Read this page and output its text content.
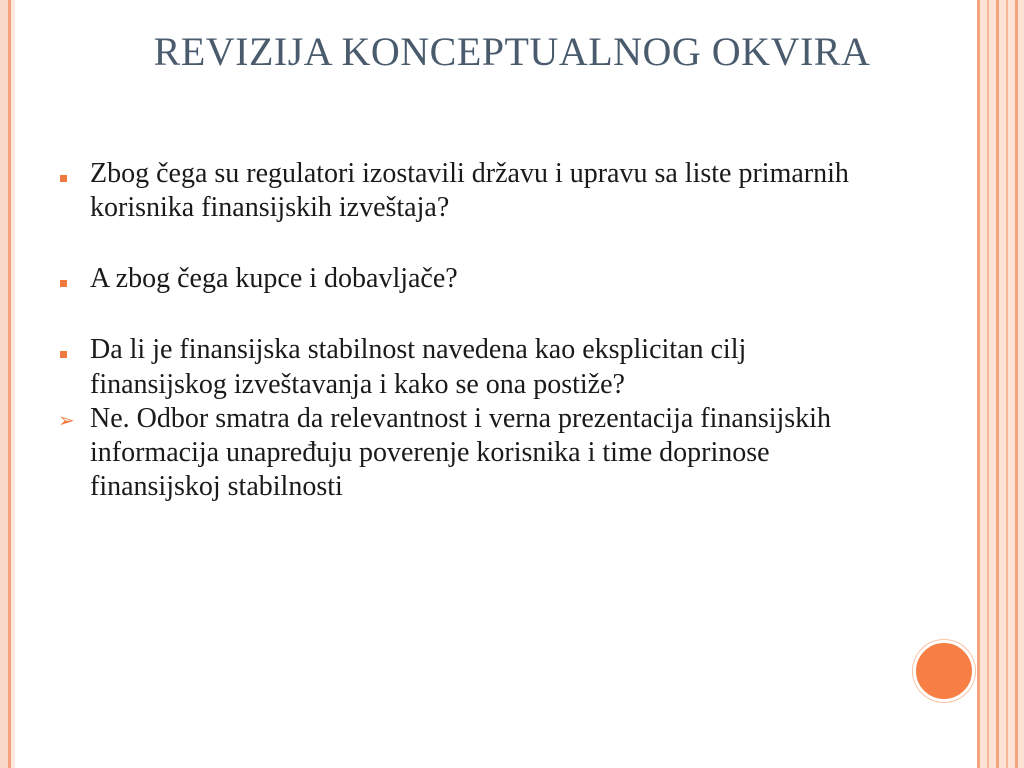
REVIZIJA KONCEPTUALNOG OKVIRA
Zbog čega su regulatori izostavili državu i upravu sa liste primarnih korisnika finansijskih izveštaja?
A zbog čega kupce i dobavljače?
Da li je finansijska stabilnost navedena kao eksplicitan cilj finansijskog izveštavanja i kako se ona postiže?
➢ Ne. Odbor smatra da relevantnost i verna prezentacija finansijskih informacija unapređuju poverenje korisnika i time doprinose finansijskoj stabilnosti
